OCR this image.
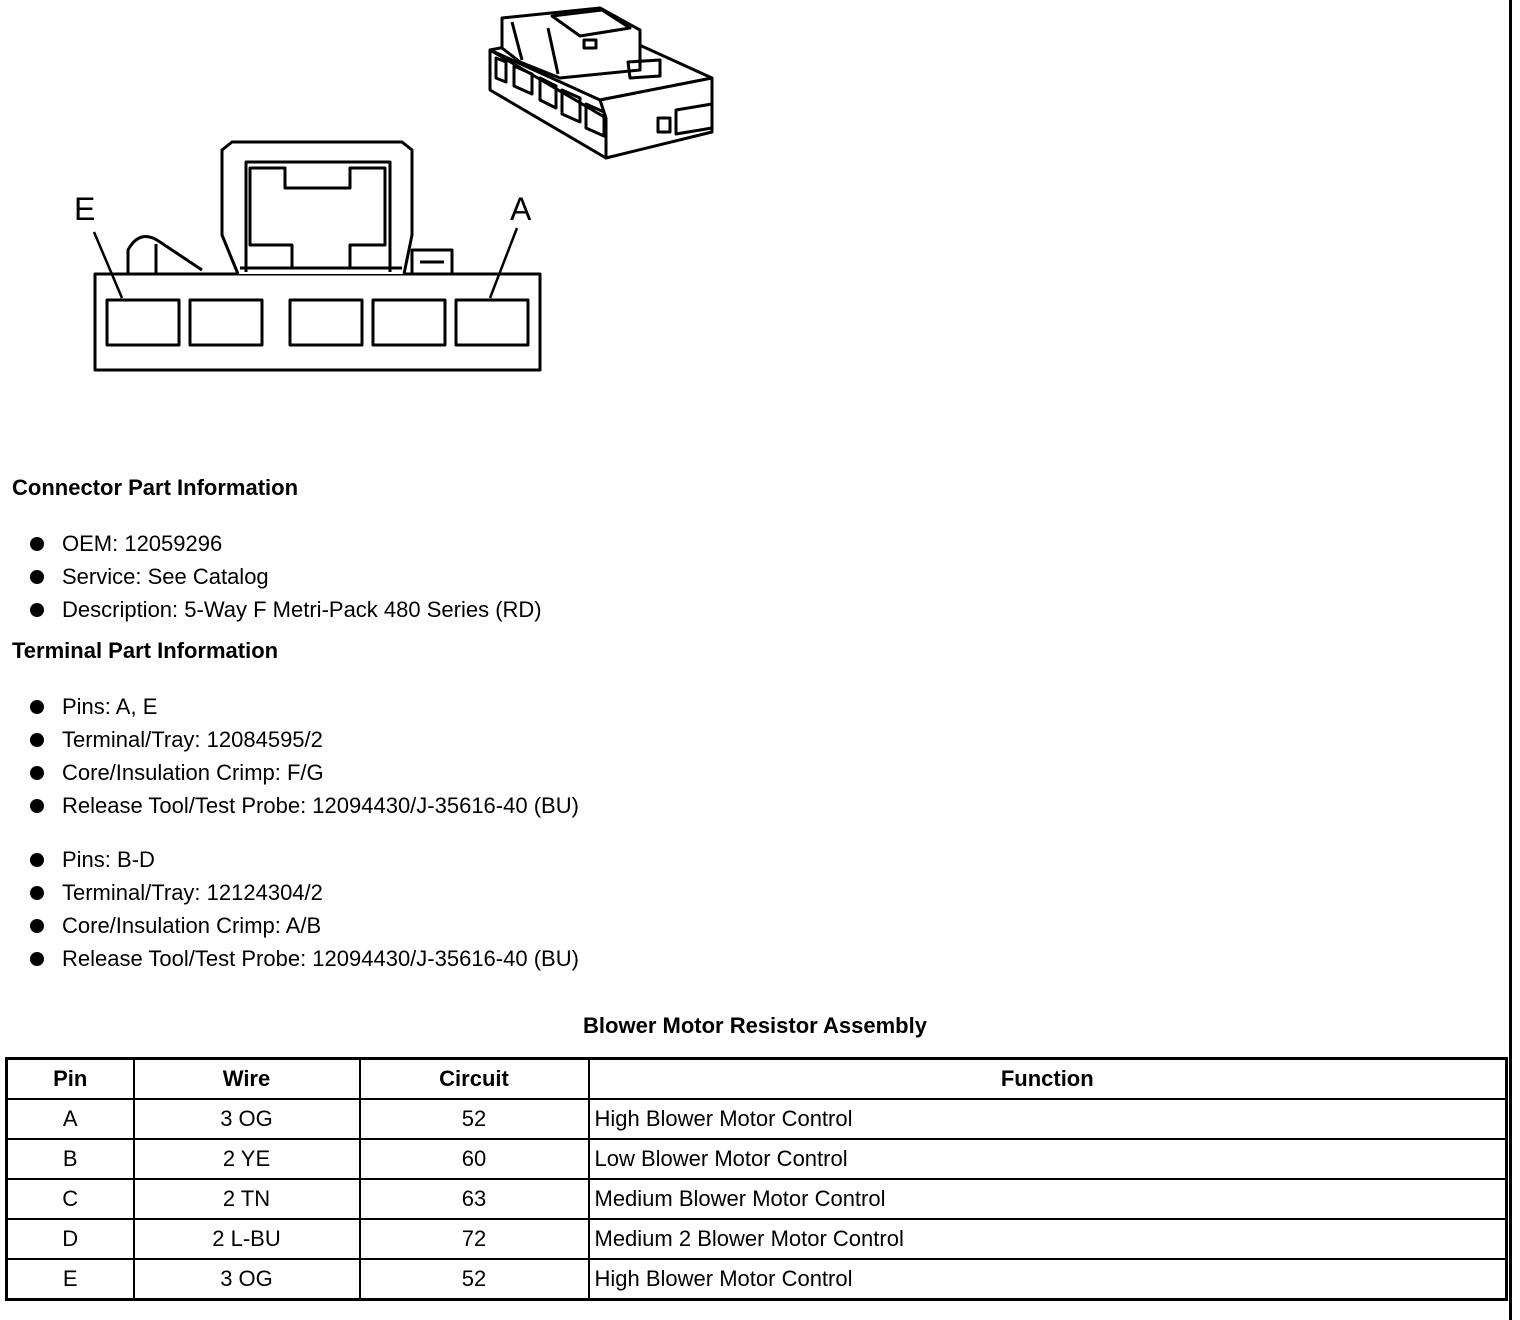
E	A
Connector Part Information
OEM: 12059296
Service: See Catalog
Description: 5-Way F Metri-Pack 480 Series (RD)
Terminal Part Information
Pins: A, E
Terminal/Tray: 12084595/2
Core/Insulation Crimp: F/G
Release Tool/Test Probe: 12094430/J-35616-40 (BU)
Pins: B-D
Terminal/Tray: 12124304/2
Core/Insulation Crimp: A/B
Release Tool/Test Probe: 12094430/J-35616-40 (BU)
Blower Motor Resistor Assembly
Pin	Wire	Circuit	Function
A	3 OG	52	High Blower Motor Control
B	2 YE	60	Low Blower Motor Control
C	2 TN	63	Medium Blower Motor Control
D	2 L-BU	72	Medium 2 Blower Motor Control
E	3 OG	52	High Blower Motor Control
